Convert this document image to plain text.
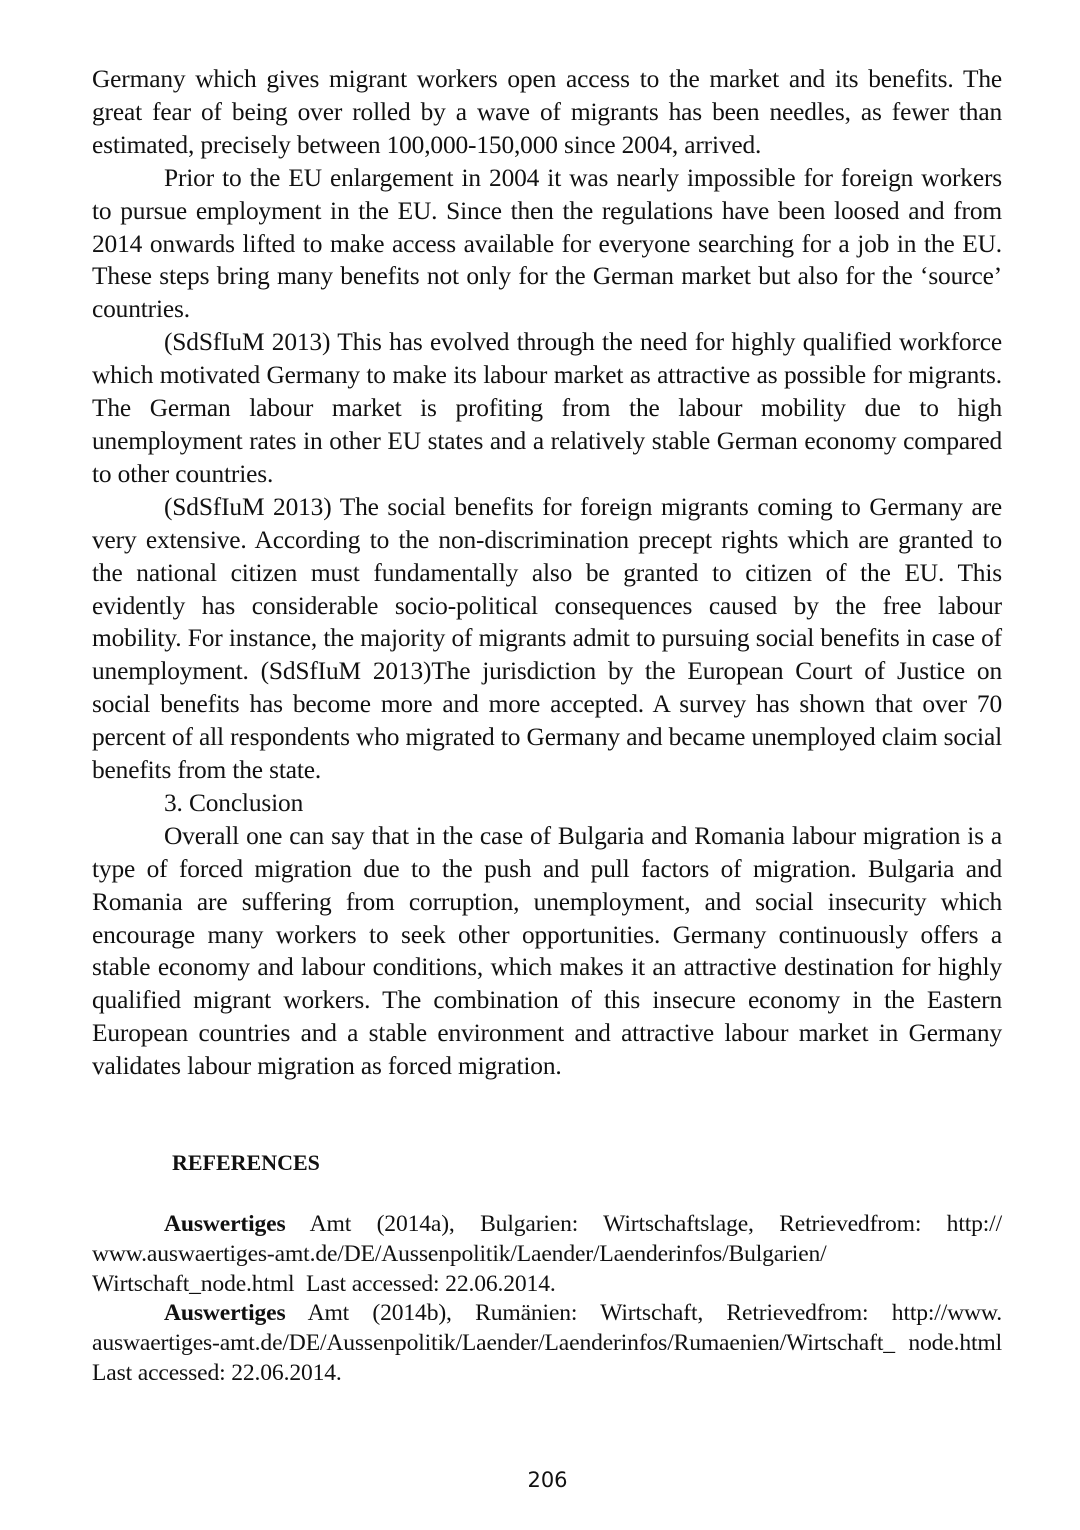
Germany which gives migrant workers open access to the market and its benefits. The great fear of being over rolled by a wave of migrants has been needles, as fewer than estimated, precisely between 100,000-150,000 since 2004, arrived.

Prior to the EU enlargement in 2004 it was nearly impossible for foreign workers to pursue employment in the EU. Since then the regulations have been loosed and from 2014 onwards lifted to make access available for everyone searching for a job in the EU. These steps bring many benefits not only for the German market but also for the ‘source’ countries.

(SdSfIuM 2013) This has evolved through the need for highly qualified workforce which motivated Germany to make its labour market as attractive as possible for migrants. The German labour market is profiting from the labour mobility due to high unemployment rates in other EU states and a relatively stable German economy compared to other countries.

(SdSfIuM 2013) The social benefits for foreign migrants coming to Germany are very extensive. According to the non-discrimination precept rights which are granted to the national citizen must fundamentally also be granted to citizen of the EU. This evidently has considerable socio-political consequences caused by the free labour mobility. For instance, the majority of migrants admit to pursuing social benefits in case of unemployment. (SdSfIuM 2013)The jurisdiction by the European Court of Justice on social benefits has become more and more accepted. A survey has shown that over 70 percent of all respondents who migrated to Germany and became unemployed claim social benefits from the state.

3. Conclusion

Overall one can say that in the case of Bulgaria and Romania labour migration is a type of forced migration due to the push and pull factors of migration. Bulgaria and Romania are suffering from corruption, unemployment, and social insecurity which encourage many workers to seek other opportunities. Germany continuously offers a stable economy and labour conditions, which makes it an attractive destination for highly qualified migrant workers. The combination of this insecure economy in the Eastern European countries and a stable environment and attractive labour market in Germany validates labour migration as forced migration.

REFERENCES

Auswertiges Amt (2014a), Bulgarien: Wirtschaftslage, Retrievedfrom: http:// www.auswaertiges-amt.de/DE/Aussenpolitik/Laender/Laenderinfos/Bulgarien/ Wirtschaft_node.html  Last accessed: 22.06.2014.

Auswertiges Amt (2014b), Rumänien: Wirtschaft, Retrievedfrom: http://www. auswaertiges-amt.de/DE/Aussenpolitik/Laender/Laenderinfos/Rumaenien/Wirtschaft_ node.html Last accessed: 22.06.2014.

206
